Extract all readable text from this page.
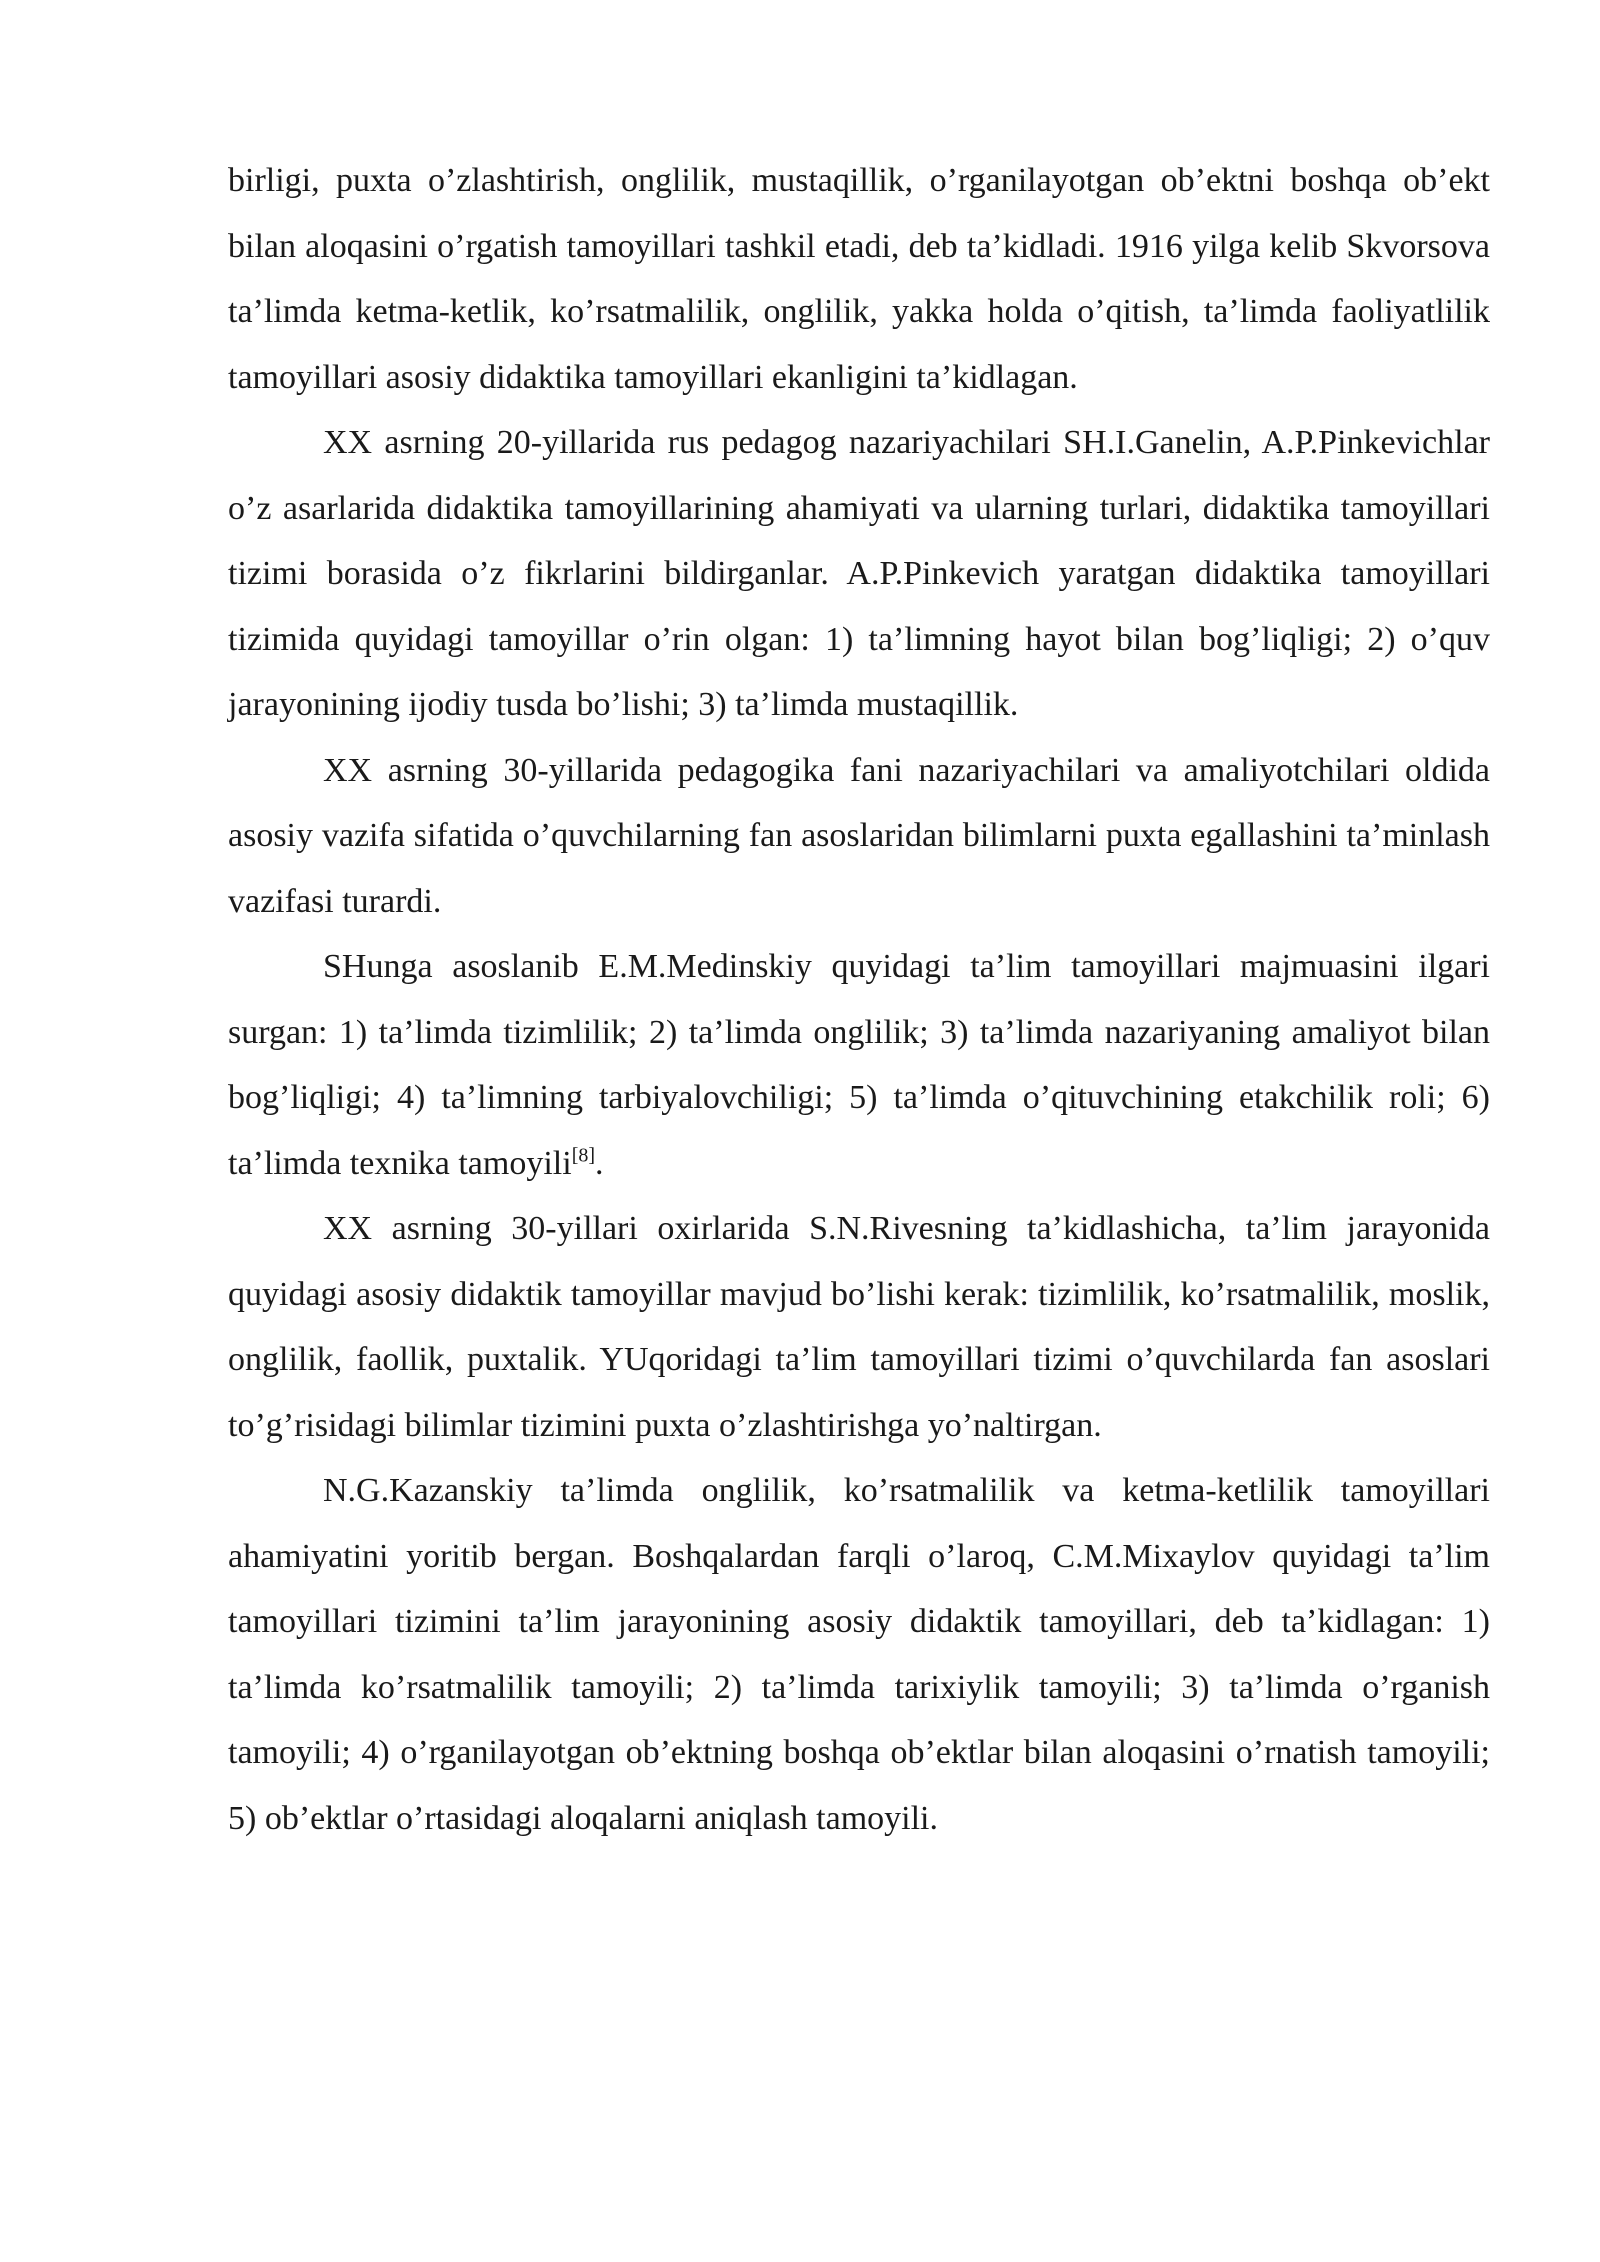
birligi, puxta o’zlashtirish, onglilik, mustaqillik, o’rganilayotgan ob’ektni boshqa ob’ekt bilan aloqasini o’rgatish tamoyillari tashkil etadi, deb ta’kidladi. 1916 yilga kelib Skvorsova ta’limda ketma-ketlik, ko’rsatmalilik, onglilik, yakka holda o’qitish, ta’limda faoliyatlilik tamoyillari asosiy didaktika tamoyillari ekanligini ta’kidlagan.

XX asrning 20-yillarida rus pedagog nazariyachilari SH.I.Ganelin, A.P.Pinkevichlar o’z asarlarida didaktika tamoyillarining ahamiyati va ularning turlari, didaktika tamoyillari tizimi borasida o’z fikrlarini bildirganlar. A.P.Pinkevich yaratgan didaktika tamoyillari tizimida quyidagi tamoyillar o’rin olgan: 1) ta’limning hayot bilan bog’liqligi; 2) o’quv jarayonining ijodiy tusda bo’lishi; 3) ta’limda mustaqillik.

XX asrning 30-yillarida pedagogika fani nazariyachilari va amaliyotchilari oldida asosiy vazifa sifatida o’quvchilarning fan asoslaridan bilimlarni puxta egallashini ta’minlash vazifasi turardi.

SHunga asoslanib E.M.Medinskiy quyidagi ta’lim tamoyillari majmuasini ilgari surgan: 1) ta’limda tizimlilik; 2) ta’limda onglilik; 3) ta’limda nazariyaning amaliyot bilan bog’liqligi; 4) ta’limning tarbiyalovchiligi; 5) ta’limda o’qituvchining etakchilik roli; 6) ta’limda texnika tamoyili[8].

XX asrning 30-yillari oxirlarida S.N.Rivesning ta’kidlashicha, ta’lim jarayonida quyidagi asosiy didaktik tamoyillar mavjud bo’lishi kerak: tizimlilik, ko’rsatmalilik, moslik, onglilik, faollik, puxtalik. YUqoridagi ta’lim tamoyillari tizimi o’quvchilarda fan asoslari to’g’risidagi bilimlar tizimini puxta o’zlashtirishga yo’naltirgan.

N.G.Kazanskiy ta’limda onglilik, ko’rsatmalilik va ketma-ketlilik tamoyillari ahamiyatini yoritib bergan. Boshqalardan farqli o’laroq, C.M.Mixaylov quyidagi ta’lim tamoyillari tizimini ta’lim jarayonining asosiy didaktik tamoyillari, deb ta’kidlagan: 1) ta’limda ko’rsatmalilik tamoyili; 2) ta’limda tarixiylik tamoyili; 3) ta’limda o’rganish tamoyili; 4) o’rganilayotgan ob’ektning boshqa ob’ektlar bilan aloqasini o’rnatish tamoyili; 5) ob’ektlar o’rtasidagi aloqalarni aniqlash tamoyili.
